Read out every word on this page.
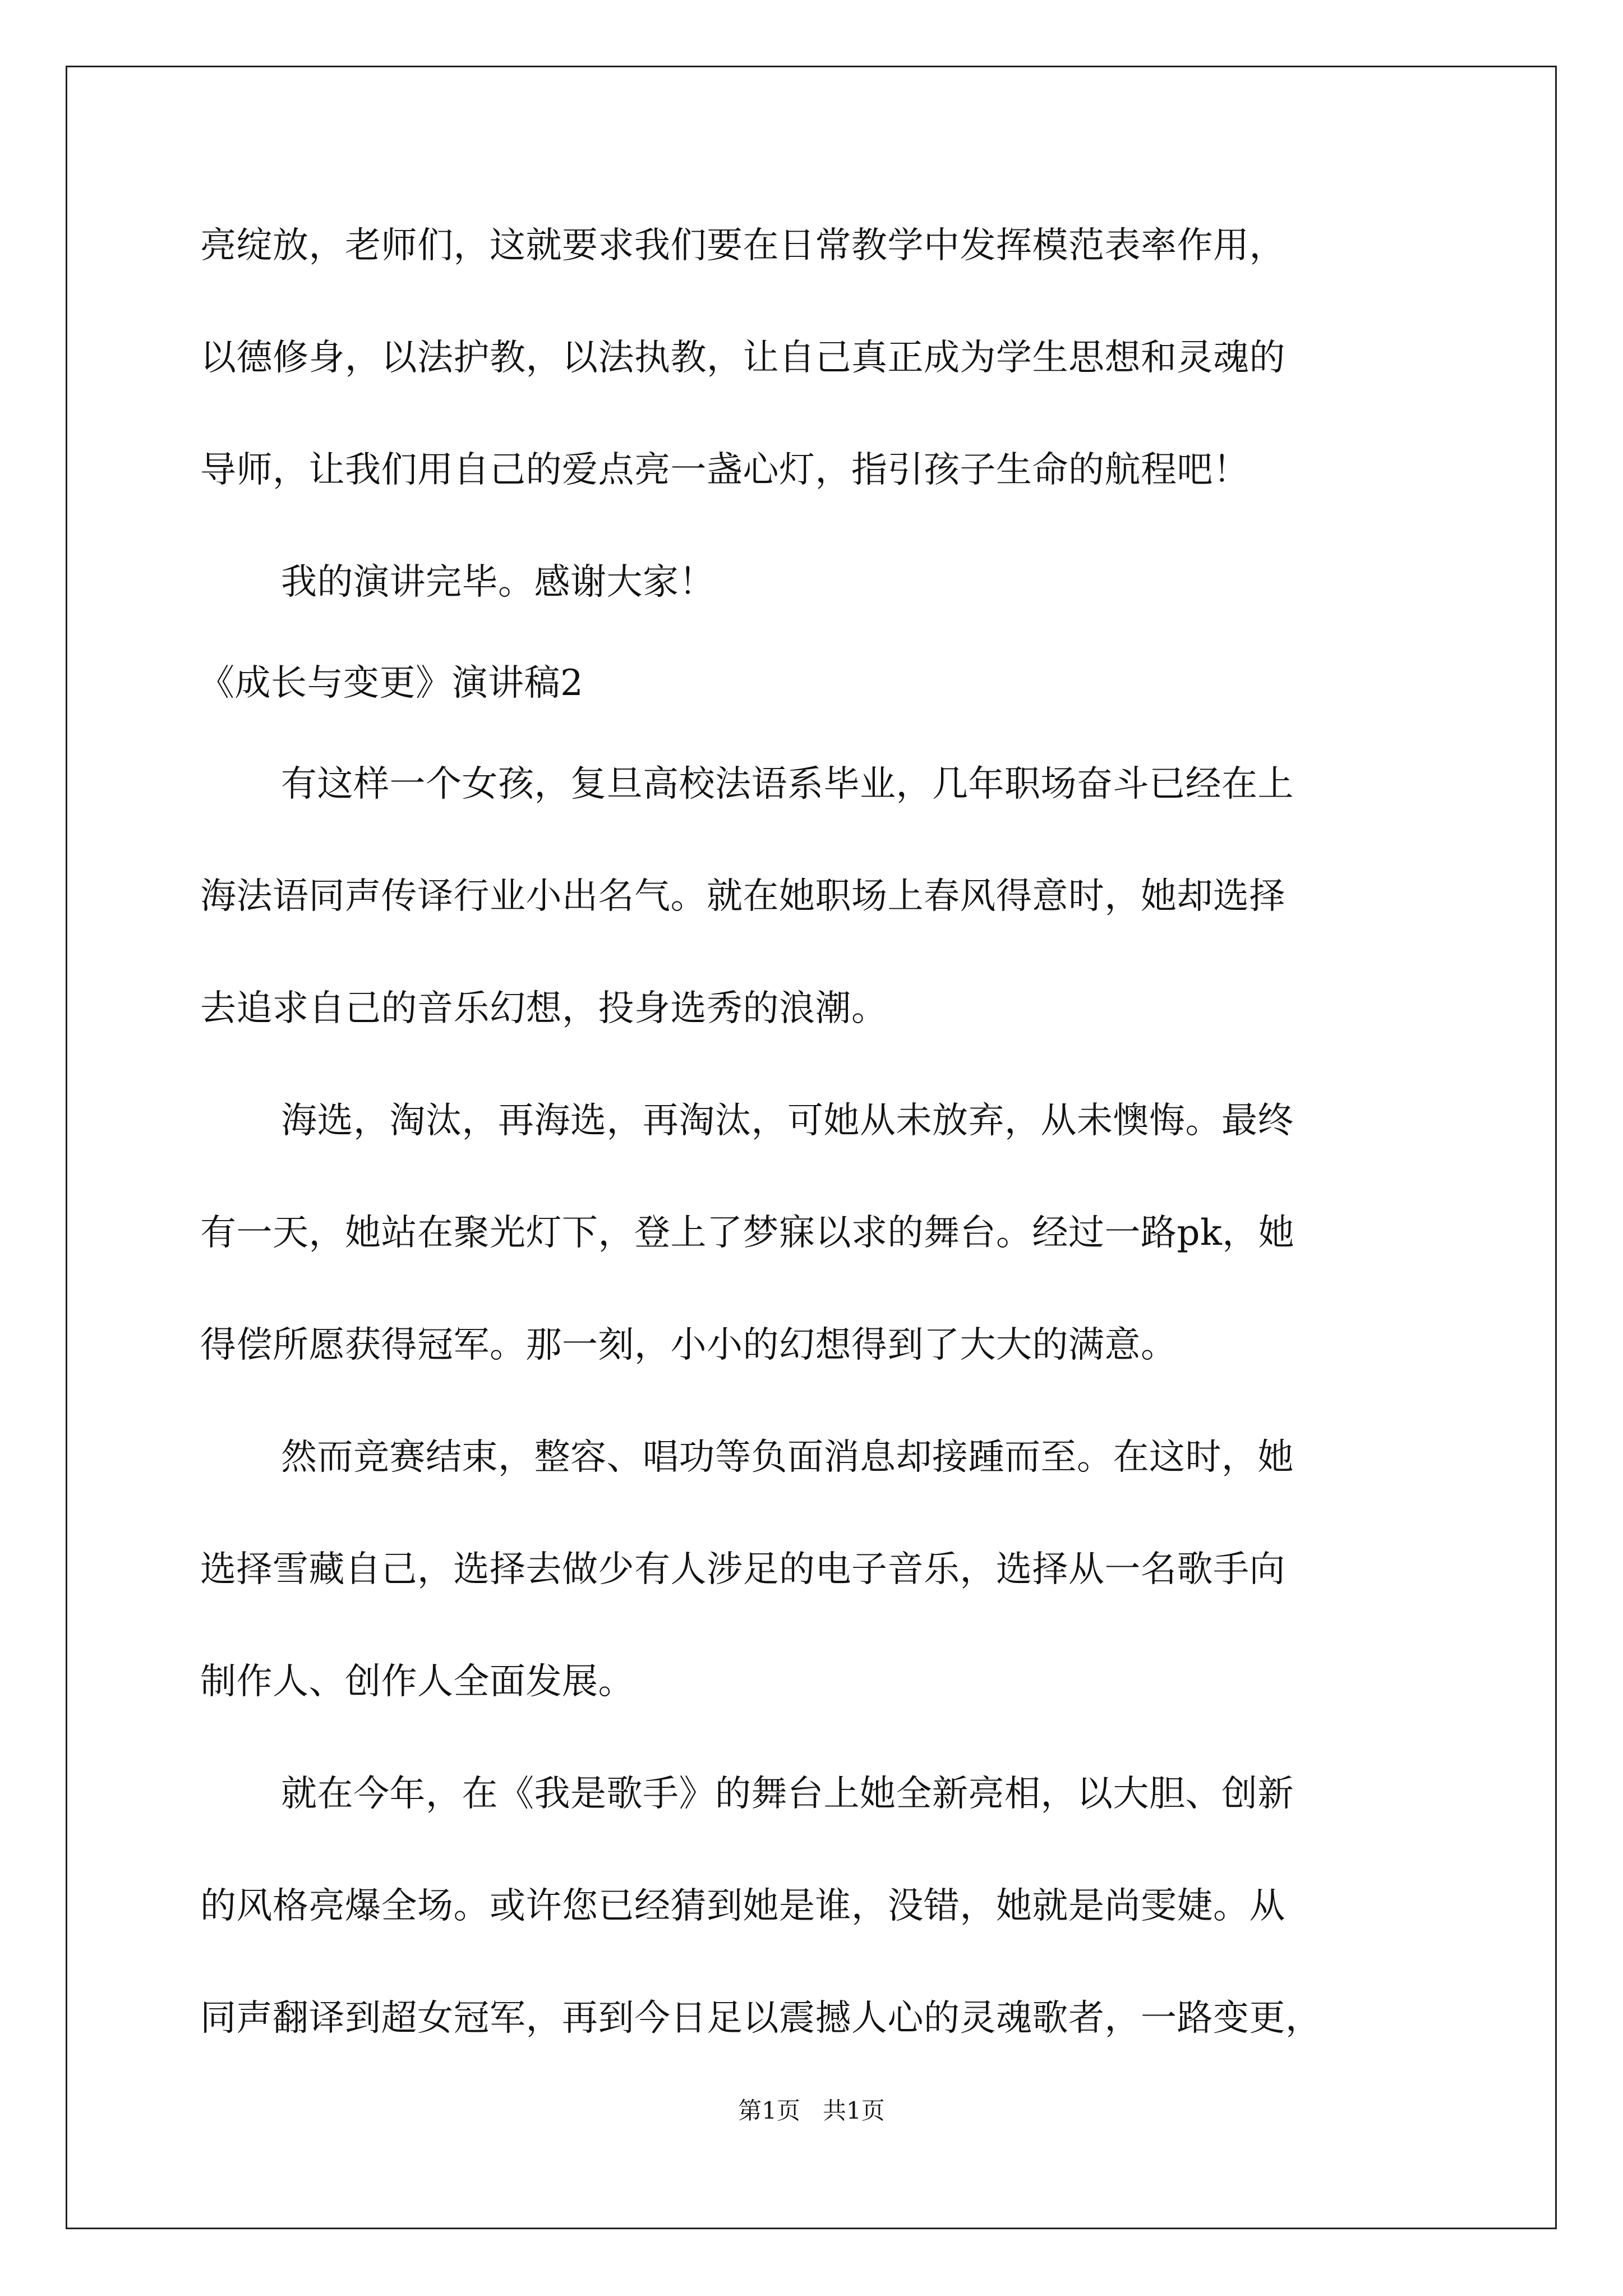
亮绽放，老师们，这就要求我们要在日常教学中发挥模范表率作用，
以德修身，以法护教，以法执教，让自己真正成为学生思想和灵魂的
导师，让我们用自己的爱点亮一盏心灯，指引孩子生命的航程吧！
我的演讲完毕。感谢大家！
《成长与变更》演讲稿2
有这样一个女孩，复旦高校法语系毕业，几年职场奋斗已经在上
海法语同声传译行业小出名气。就在她职场上春风得意时，她却选择
去追求自己的音乐幻想，投身选秀的浪潮。
海选，淘汰，再海选，再淘汰，可她从未放弃，从未懊悔。最终
有一天，她站在聚光灯下，登上了梦寐以求的舞台。经过一路pk，她
得偿所愿获得冠军。那一刻，小小的幻想得到了大大的满意。
然而竞赛结束，整容、唱功等负面消息却接踵而至。在这时，她
选择雪藏自己，选择去做少有人涉足的电子音乐，选择从一名歌手向
制作人、创作人全面发展。
就在今年，在《我是歌手》的舞台上她全新亮相，以大胆、创新
的风格亮爆全场。或许您已经猜到她是谁，没错，她就是尚雯婕。从
同声翻译到超女冠军，再到今日足以震撼人心的灵魂歌者，一路变更，
第1页   共1页
